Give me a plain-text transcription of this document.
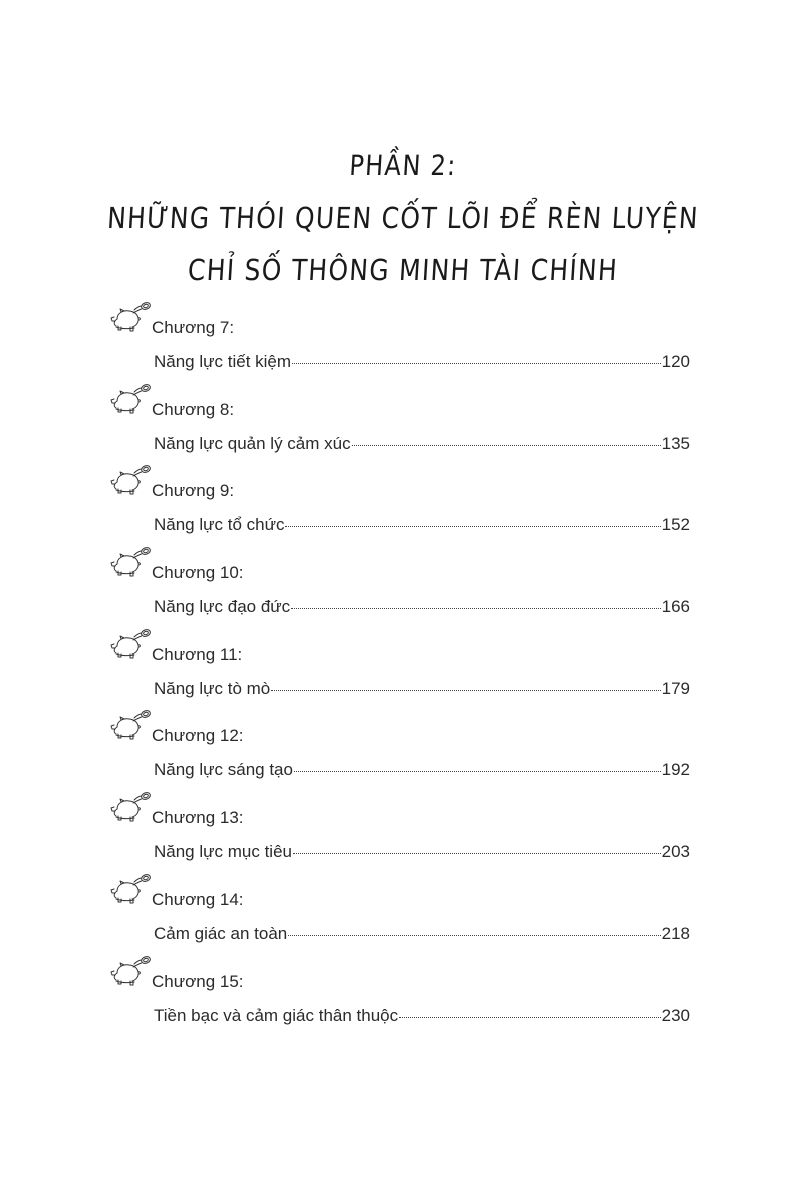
PHẦN 2:
NHỮNG THÓI QUEN CỐT LÕI ĐỂ RÈN LUYỆN
CHỈ SỐ THÔNG MINH TÀI CHÍNH
Chương 7:
Năng lực tiết kiệm	120
Chương 8:
Năng lực quản lý cảm xúc	135
Chương 9:
Năng lực tổ chức	152
Chương 10:
Năng lực đạo đức	166
Chương 11:
Năng lực tò mò	179
Chương 12:
Năng lực sáng tạo	192
Chương 13:
Năng lực mục tiêu	203
Chương 14:
Cảm giác an toàn	218
Chương 15:
Tiền bạc và cảm giác thân thuộc	230
